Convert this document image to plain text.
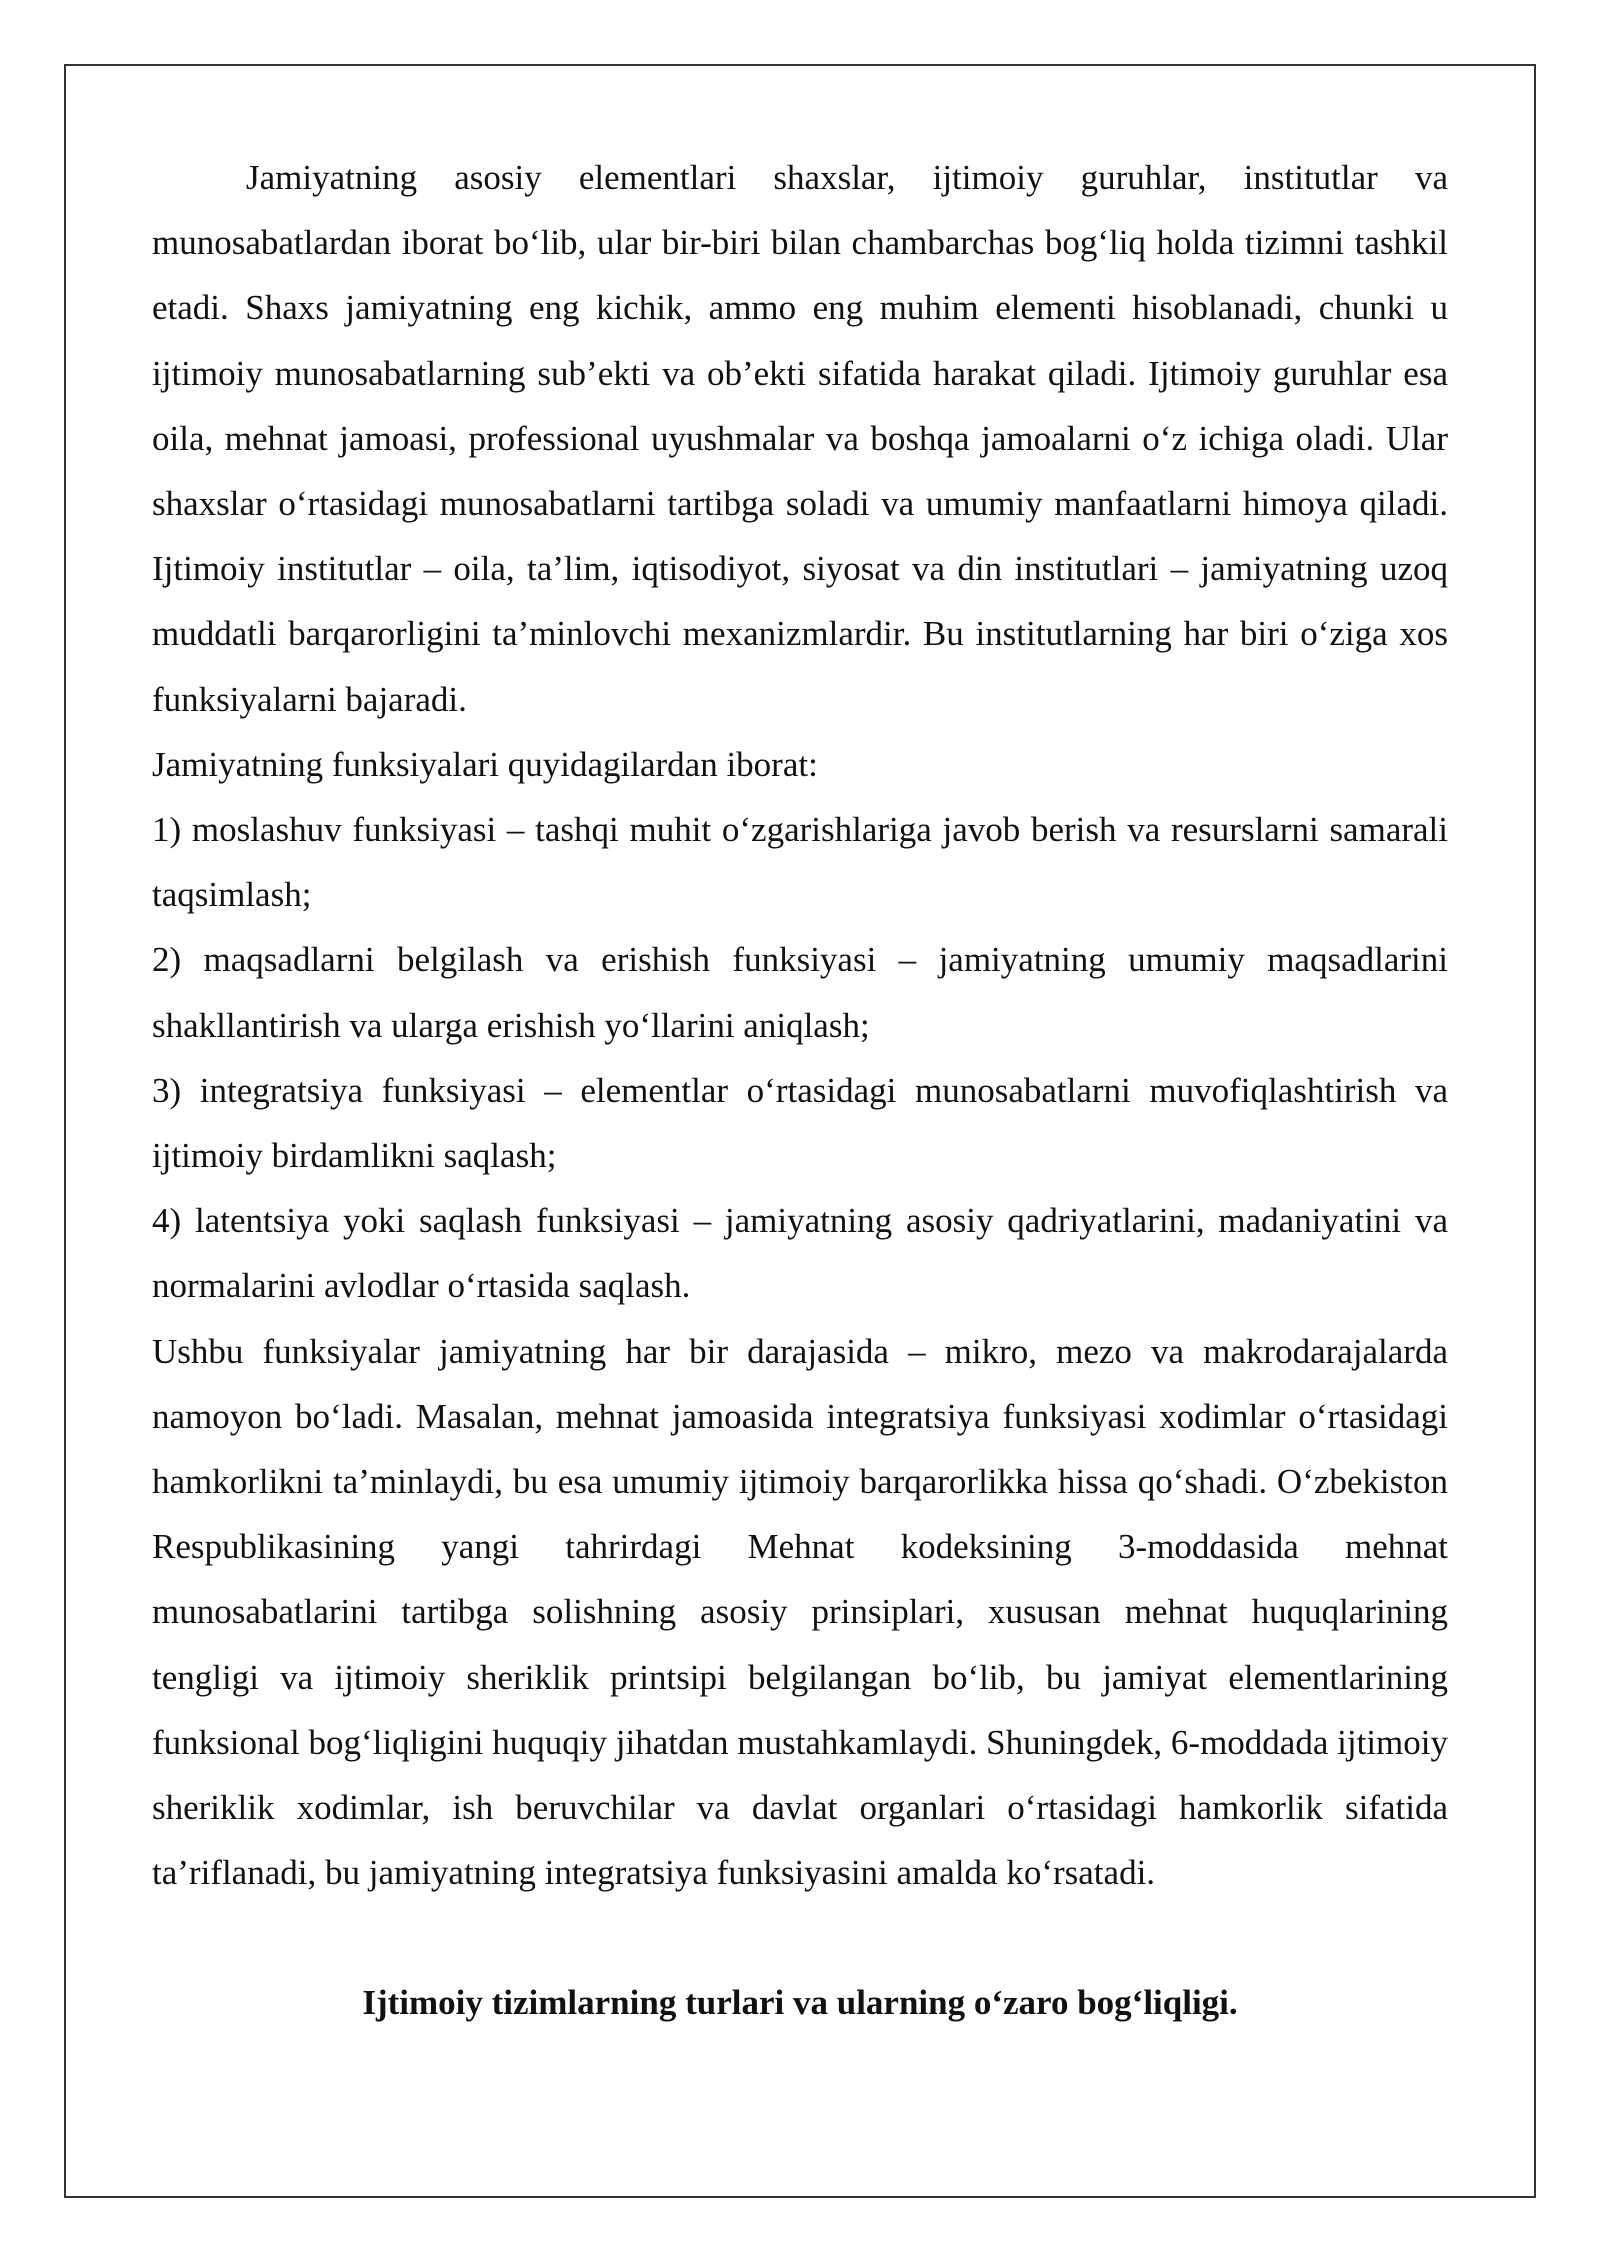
Jamiyatning asosiy elementlari shaxslar, ijtimoiy guruhlar, institutlar va munosabatlardan iborat bo‘lib, ular bir-biri bilan chambarchas bog‘liq holda tizimni tashkil etadi. Shaxs jamiyatning eng kichik, ammo eng muhim elementi hisoblanadi, chunki u ijtimoiy munosabatlarning sub’ekti va ob’ekti sifatida harakat qiladi. Ijtimoiy guruhlar esa oila, mehnat jamoasi, professional uyushmalar va boshqa jamoalarni o‘z ichiga oladi. Ular shaxslar o‘rtasidagi munosabatlarni tartibga soladi va umumiy manfaatlarni himoya qiladi. Ijtimoiy institutlar – oila, ta’lim, iqtisodiyot, siyosat va din institutlari – jamiyatning uzoq muddatli barqarorligini ta’minlovchi mexanizmlardir. Bu institutlarning har biri o‘ziga xos funksiyalarni bajaradi.

Jamiyatning funksiyalari quyidagilardan iborat:

1) moslashuv funksiyasi – tashqi muhit o‘zgarishlariga javob berish va resurslarni samarali taqsimlash;

2) maqsadlarni belgilash va erishish funksiyasi – jamiyatning umumiy maqsadlarini shakllantirish va ularga erishish yo‘llarini aniqlash;

3) integratsiya funksiyasi – elementlar o‘rtasidagi munosabatlarni muvofiqlashtirish va ijtimoiy birdamlikni saqlash;

4) latentsiya yoki saqlash funksiyasi – jamiyatning asosiy qadriyatlarini, madaniyatini va normalarini avlodlar o‘rtasida saqlash.

Ushbu funksiyalar jamiyatning har bir darajasida – mikro, mezo va makrodarajalarda namoyon bo‘ladi. Masalan, mehnat jamoasida integratsiya funksiyasi xodimlar o‘rtasidagi hamkorlikni ta’minlaydi, bu esa umumiy ijtimoiy barqarorlikka hissa qo‘shadi. O‘zbekiston Respublikasining yangi tahrirdagi Mehnat kodeksining 3-moddasida mehnat munosabatlarini tartibga solishning asosiy prinsiplari, xususan mehnat huquqlarining tengligi va ijtimoiy sheriklik printsipi belgilangan bo‘lib, bu jamiyat elementlarining funksional bog‘liqligini huquqiy jihatdan mustahkamlaydi. Shuningdek, 6-moddada ijtimoiy sheriklik xodimlar, ish beruvchilar va davlat organlari o‘rtasidagi hamkorlik sifatida ta’riflanadi, bu jamiyatning integratsiya funksiyasini amalda ko‘rsatadi.

Ijtimoiy tizimlarning turlari va ularning o‘zaro bog‘liqligi.
